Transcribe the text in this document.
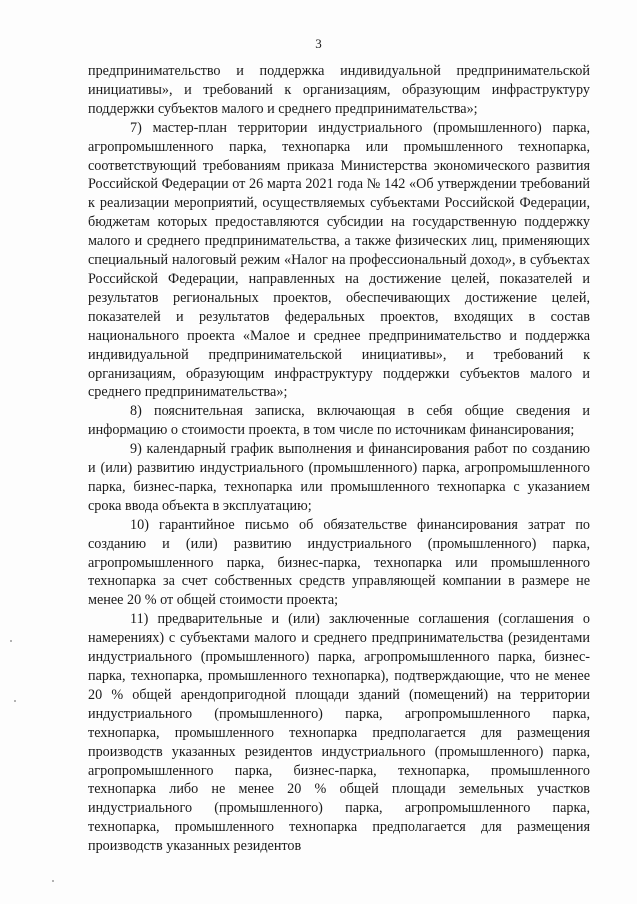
3

предпринимательство и поддержка индивидуальной предпринимательской инициативы», и требований к организациям, образующим инфраструктуру поддержки субъектов малого и среднего предпринимательства»;

7) мастер-план территории индустриального (промышленного) парка, агропромышленного парка, технопарка или промышленного технопарка, соответствующий требованиям приказа Министерства экономического развития Российской Федерации от 26 марта 2021 года № 142 «Об утверждении требований к реализации мероприятий, осуществляемых субъектами Российской Федерации, бюджетам которых предоставляются субсидии на государственную поддержку малого и среднего предпринимательства, а также физических лиц, применяющих специальный налоговый режим «Налог на профессиональный доход», в субъектах Российской Федерации, направленных на достижение целей, показателей и результатов региональных проектов, обеспечивающих достижение целей, показателей и результатов федеральных проектов, входящих в состав национального проекта «Малое и среднее предпринимательство и поддержка индивидуальной предпринимательской инициативы», и требований к организациям, образующим инфраструктуру поддержки субъектов малого и среднего предпринимательства»;

8) пояснительная записка, включающая в себя общие сведения и информацию о стоимости проекта, в том числе по источникам финансирования;

9) календарный график выполнения и финансирования работ по созданию и (или) развитию индустриального (промышленного) парка, агропромышленного парка, бизнес-парка, технопарка или промышленного технопарка с указанием срока ввода объекта в эксплуатацию;

10) гарантийное письмо об обязательстве финансирования затрат по созданию и (или) развитию индустриального (промышленного) парка, агропромышленного парка, бизнес-парка, технопарка или промышленного технопарка за счет собственных средств управляющей компании в размере не менее 20 % от общей стоимости проекта;

11) предварительные и (или) заключенные соглашения (соглашения о намерениях) с субъектами малого и среднего предпринимательства (резидентами индустриального (промышленного) парка, агропромышленного парка, бизнес-парка, технопарка, промышленного технопарка), подтверждающие, что не менее 20 % общей арендопригодной площади зданий (помещений) на территории индустриального (промышленного) парка, агропромышленного парка, технопарка, промышленного технопарка предполагается для размещения производств указанных резидентов индустриального (промышленного) парка, агропромышленного парка, бизнес-парка, технопарка, промышленного технопарка либо не менее 20 % общей площади земельных участков индустриального (промышленного) парка, агропромышленного парка, технопарка, промышленного технопарка предполагается для размещения производств указанных резидентов
